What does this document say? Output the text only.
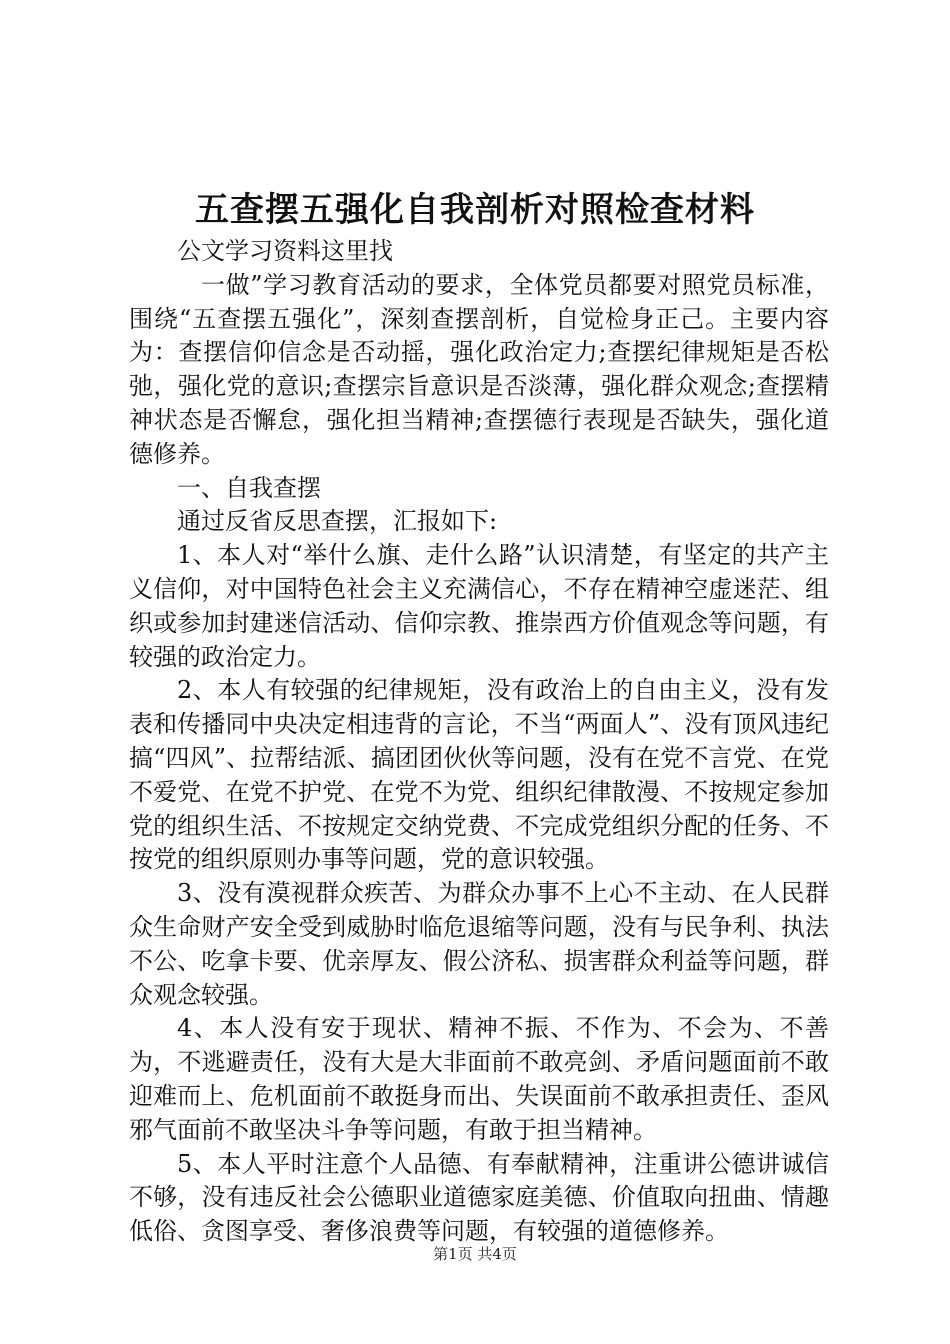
五查摆五强化自我剖析对照检查材料

公文学习资料这里找

一做”学习教育活动的要求，全体党员都要对照党员标准，围绕“五查摆五强化”，深刻查摆剖析，自觉检身正己。主要内容为：查摆信仰信念是否动摇，强化政治定力;查摆纪律规矩是否松弛，强化党的意识;查摆宗旨意识是否淡薄，强化群众观念;查摆精神状态是否懈怠，强化担当精神;查摆德行表现是否缺失，强化道德修养。

一、自我查摆

通过反省反思查摆，汇报如下:

1、本人对“举什么旗、走什么路”认识清楚，有坚定的共产主义信仰，对中国特色社会主义充满信心，不存在精神空虚迷茫、组织或参加封建迷信活动、信仰宗教、推崇西方价值观念等问题，有较强的政治定力。

2、本人有较强的纪律规矩，没有政治上的自由主义，没有发表和传播同中央决定相违背的言论，不当“两面人”、没有顶风违纪搞“四风”、拉帮结派、搞团团伙伙等问题，没有在党不言党、在党不爱党、在党不护党、在党不为党、组织纪律散漫、不按规定参加党的组织生活、不按规定交纳党费、不完成党组织分配的任务、不按党的组织原则办事等问题，党的意识较强。

3、没有漠视群众疾苦、为群众办事不上心不主动、在人民群众生命财产安全受到威胁时临危退缩等问题，没有与民争利、执法不公、吃拿卡要、优亲厚友、假公济私、损害群众利益等问题，群众观念较强。

4、本人没有安于现状、精神不振、不作为、不会为、不善为，不逃避责任，没有大是大非面前不敢亮剑、矛盾问题面前不敢迎难而上、危机面前不敢挺身而出、失误面前不敢承担责任、歪风邪气面前不敢坚决斗争等问题，有敢于担当精神。

5、本人平时注意个人品德、有奉献精神，注重讲公德讲诚信不够，没有违反社会公德职业道德家庭美德、价值取向扭曲、情趣低俗、贪图享受、奢侈浪费等问题，有较强的道德修养。

第1页 共4页
